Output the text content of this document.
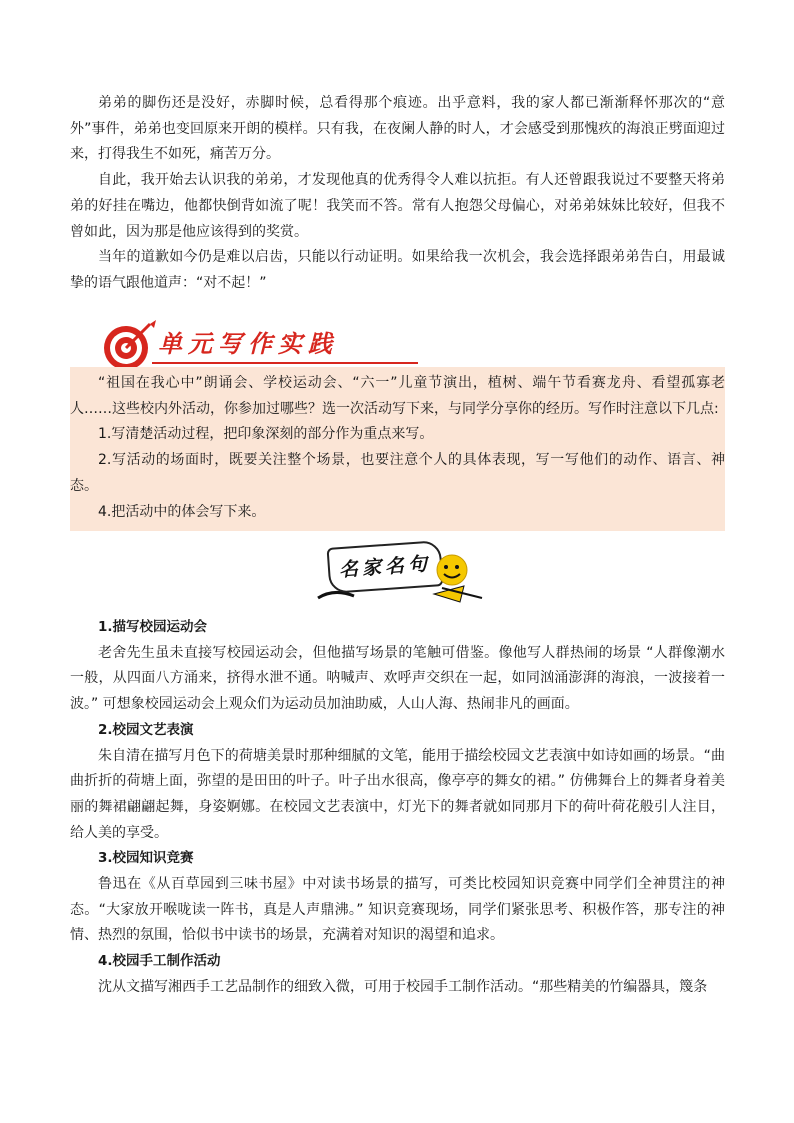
弟弟的脚伤还是没好，赤脚时候，总看得那个痕迹。出乎意料，我的家人都已渐渐释怀那次的“意外”事件，弟弟也变回原来开朗的模样。只有我，在夜阑人静的时人，才会感受到那愧疚的海浪正劈面迎过来，打得我生不如死，痛苦万分。

自此，我开始去认识我的弟弟，才发现他真的优秀得令人难以抗拒。有人还曾跟我说过不要整天将弟弟的好挂在嘴边，他都快倒背如流了呢！我笑而不答。常有人抱怨父母偏心，对弟弟妹妹比较好，但我不曾如此，因为那是他应该得到的奖赏。

当年的道歉如今仍是难以启齿，只能以行动证明。如果给我一次机会，我会选择跟弟弟告白，用最诚挚的语气跟他道声：“对不起！”

单元写作实践

“祖国在我心中”朗诵会、学校运动会、“六一”儿童节演出，植树、端午节看赛龙舟、看望孤寡老人……这些校内外活动，你参加过哪些？选一次活动写下来，与同学分享你的经历。写作时注意以下几点:

1.写清楚活动过程，把印象深刻的部分作为重点来写。

2.写活动的场面时，既要关注整个场景，也要注意个人的具体表现，写一写他们的动作、语言、神态。

4.把活动中的体会写下来。

名家名句

1.描写校园运动会

老舍先生虽未直接写校园运动会，但他描写场景的笔触可借鉴。像他写人群热闹的场景 “人群像潮水一般，从四面八方涌来，挤得水泄不通。呐喊声、欢呼声交织在一起，如同汹涌澎湃的海浪，一波接着一波。” 可想象校园运动会上观众们为运动员加油助威，人山人海、热闹非凡的画面。

2.校园文艺表演

朱自清在描写月色下的荷塘美景时那种细腻的文笔，能用于描绘校园文艺表演中如诗如画的场景。“曲曲折折的荷塘上面，弥望的是田田的叶子。叶子出水很高，像亭亭的舞女的裙。” 仿佛舞台上的舞者身着美丽的舞裙翩翩起舞，身姿婀娜。在校园文艺表演中，灯光下的舞者就如同那月下的荷叶荷花般引人注目，给人美的享受。

3.校园知识竞赛

鲁迅在《从百草园到三味书屋》中对读书场景的描写，可类比校园知识竞赛中同学们全神贯注的神态。“大家放开喉咙读一阵书，真是人声鼎沸。” 知识竞赛现场，同学们紧张思考、积极作答，那专注的神情、热烈的氛围，恰似书中读书的场景，充满着对知识的渴望和追求。

4.校园手工制作活动

沈从文描写湘西手工艺品制作的细致入微，可用于校园手工制作活动。“那些精美的竹编器具，篾条
